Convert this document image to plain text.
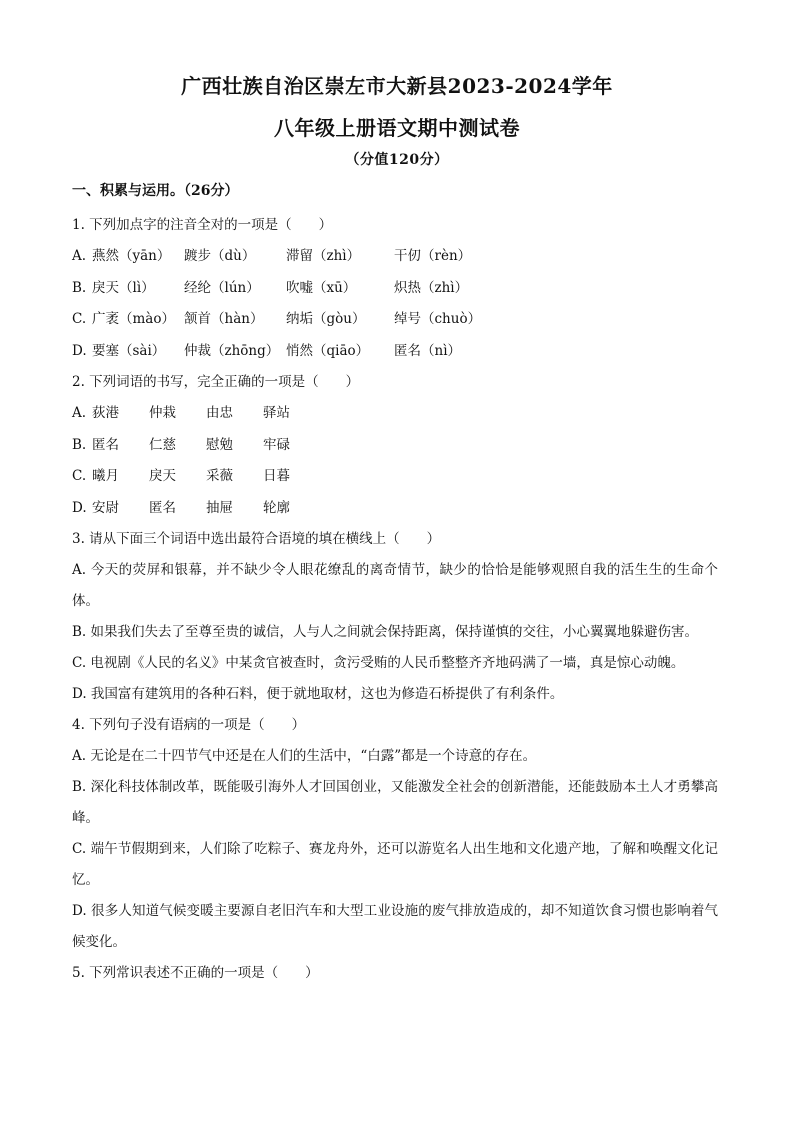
广西壮族自治区崇左市大新县2023-2024学年
八年级上册语文期中测试卷
（分值120分）
一、积累与运用。（26分）
1. 下列加点字的注音全对的一项是（　　）
A. 燕然（yān）	踱步（dù）	滞留（zhì）	干仞（rèn）
B. 戾天（lì）	经纶（lún）	吹嘘（xū）	炽热（zhì）
C. 广袤（mào） 颔首（hàn）	纳垢（gòu）	绰号（chuò）
D. 要塞（sài）	仲裁（zhōng） 悄然（qiāo）	匿名（nì）
2. 下列词语的书写，完全正确的一项是（　　）
A. 荻港	仲栽	由忠	驿站
B. 匿名	仁慈	慰勉	牢碌
C. 曦月	戾天	采薇	日暮
D. 安尉	匿名	抽屉	轮廓
3. 请从下面三个词语中选出最符合语境的填在横线上（　　）
A. 今天的荧屏和银幕，并不缺少令人眼花缭乱的离奇情节，缺少的恰恰是能够观照自我的活生生的生命个体。
B. 如果我们失去了至尊至贵的诚信，人与人之间就会保持距离，保持谨慎的交往，小心翼翼地躲避伤害。
C. 电视剧《人民的名义》中某贪官被查时，贪污受贿的人民币整整齐齐地码满了一墙，真是惊心动魄。
D. 我国富有建筑用的各种石料，便于就地取材，这也为修造石桥提供了有利条件。
4. 下列句子没有语病的一项是（　　）
A. 无论是在二十四节气中还是在人们的生活中，“白露”都是一个诗意的存在。
B. 深化科技体制改革，既能吸引海外人才回国创业，又能激发全社会的创新潜能，还能鼓励本土人才勇攀高峰。
C. 端午节假期到来，人们除了吃粽子、赛龙舟外，还可以游览名人出生地和文化遗产地，了解和唤醒文化记忆。
D. 很多人知道气候变暖主要源自老旧汽车和大型工业设施的废气排放造成的，却不知道饮食习惯也影响着气候变化。
5. 下列常识表述不正确的一项是（　　）
